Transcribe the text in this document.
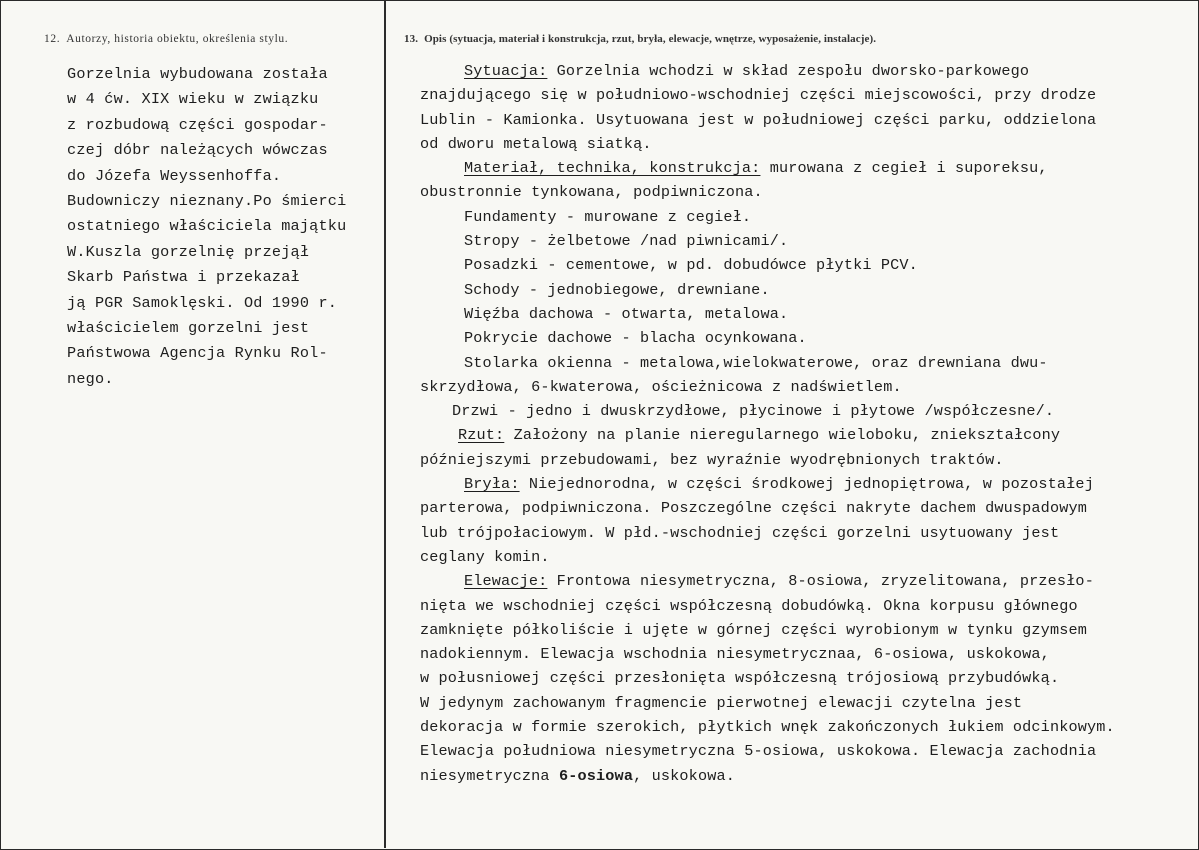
12. Autorzy, historia obiektu, określenia stylu.	13. Opis (sytuacja, materiał i konstrukcja, rzut, bryła, elewacje, wnętrze, wyposażenie, instalacje).
Gorzelnia wybudowana została
w 4 ćw. XIX wieku w związku
z rozbudową części gospodar-
czej dóbr należących wówczas
do Józefa Weyssenhoffa.
Budowniczy nieznany.Po śmierci
ostatniego właściciela majątku
W.Kuszla gorzelnię przejął
Skarb Państwa i przekazał
ją PGR Samoklęski. Od 1990 r.
właścicielem gorzelni jest
Państwowa Agencja Rynku Rol-
nego.
Sytuacja: Gorzelnia wchodzi w skład zespołu dworsko-parkowego
znajdującego się w południowo-wschodniej części miejscowości, przy drodze
Lublin - Kamionka. Usytuowana jest w południowej części parku, oddzielona
od dworu metalową siatką.
Materiał, technika, konstrukcja: murowana z cegieł i suporeksu,
obustronnie tynkowana, podpiwniczona.
Fundamenty - murowane z cegieł.
Stropy - żelbetowe /nad piwnicami/.
Posadzki - cementowe, w pd. dobudówce płytki PCV.
Schody - jednobiegowe, drewniane.
Więźba dachowa - otwarta, metalowa.
Pokrycie dachowe - blacha ocynkowana.
Stolarka okienna - metalowa,wielokwaterowe, oraz drewniana dwu-
skrzydłowa, 6-kwaterowa, ościeżnicowa z nadświetlem.
Drzwi - jedno i dwuskrzydłowe, płycinowe i płytowe /współczesne/.
Rzut: Założony na planie nieregularnego wieloboku, zniekształcony
późniejszymi przebudowami, bez wyraźnie wyodrębnionych traktów.
Bryła: Niejednorodna, w części środkowej jednopiętrowa, w pozostałej
parterowa, podpiwniczona. Poszczególne części nakryte dachem dwuspadowym
lub trójpołaciowym. W płd.-wschodniej części gorzelni usytuowany jest
ceglany komin.
Elewacje: Frontowa niesymetryczna, 8-osiowa, zryzelitowana, przesło-
nięta we wschodniej części współczesną dobudówką. Okna korpusu głównego
zamknięte półkoliście i ujęte w górnej części wyrobionym w tynku gzymsem
nadokiennym. Elewacja wschodnia niesymetrycznaa, 6-osiowa, uskokowa,
w połusniowej części przesłonięta współczesną trójosiową przybudówką.
W jedynym zachowanym fragmencie pierwotnej elewacji czytelna jest
dekoracja w formie szerokich, płytkich wnęk zakończonych łukiem odcinkowym.
Elewacja południowa niesymetryczna 5-osiowa, uskokowa. Elewacja zachodnia
niesymetryczna 6-osiowa, uskokowa.
